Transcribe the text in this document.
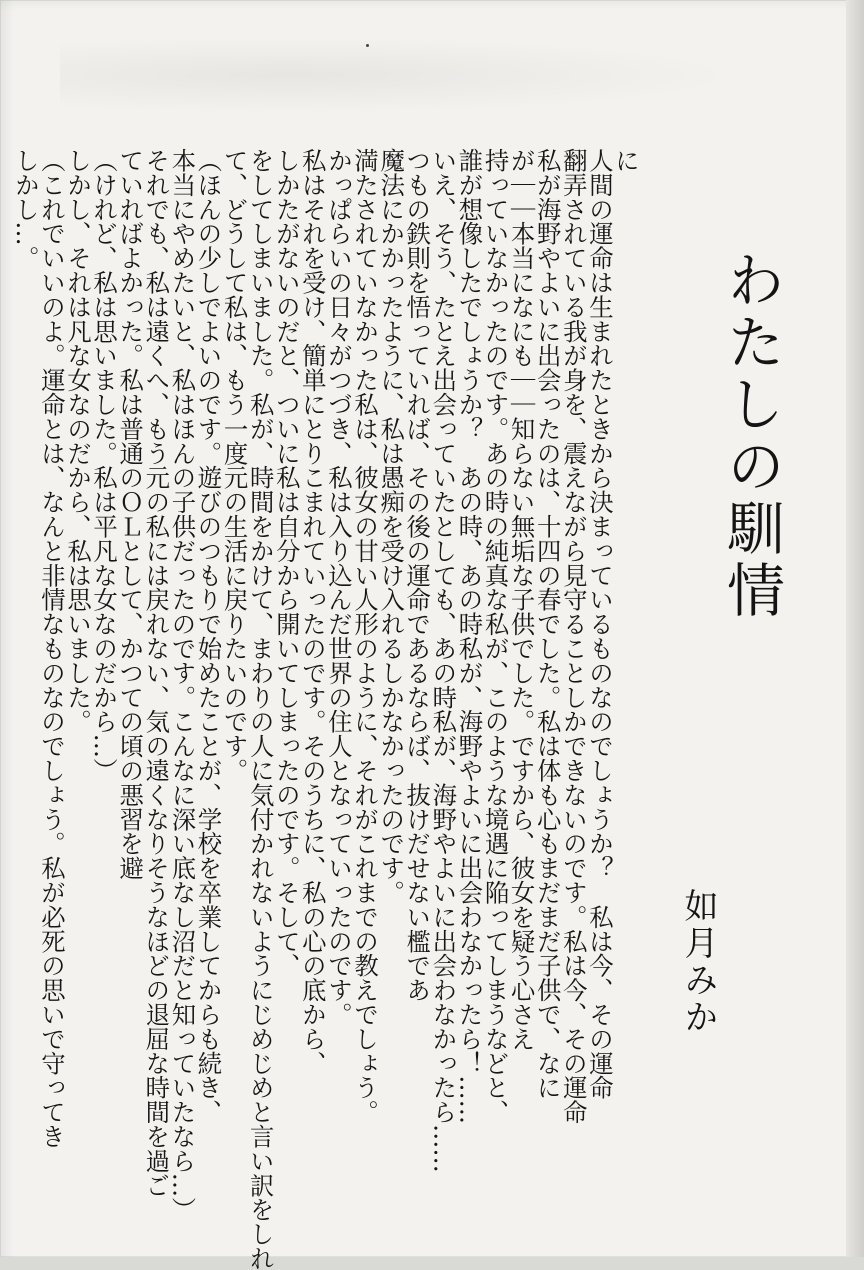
わたしの馴情
如月みか
に
人間の運命は生まれたときから決まっているものなのでしょうか？　私は今、その運命
翻弄されている我が身を、震えながら見守ることしかできないのです。私は今、その運命
私が海野やよいに出会ったのは、十四の春でした。私は体も心もまだまだ子供で、なに
が｜｜本当になにも｜｜知らない無垢な子供でした。ですから、彼女を疑う心さえ
持っていなかったのです。あの時の純真な私が、このような境遇に陥ってしまうなどと、
誰が想像したでしょうか？　あの時、あの時私が、海野やよいに出会わなかったら！……
いえ、そう、たとえ出会っていたとしても、あの時私が、海野やよいに出会わなかったら……
つもの鉄則を悟っていれば、その後の運命であるならば、抜けだせない檻であ
魔法にかかったように、私は愚痴を受け入れるしかなかったのです。
満たされていなかった私は、彼女の甘い人形のように、それがこれまでの教えでしょう。
かっぱらいの日々がつづき、私は入り込んだ世界の住人となっていったのです。
私はそれを受け、簡単にとりこまれていったのです。そのうちに、私の心の底から、
しかたがないのだと、ついに私は自分から開いてしまったのです。そして、
をしてしまいました。私が、時間をかけて、まわりの人に気付かれないようにじめじめと言い訳をしれ
て、どうして私は、もう一度元の生活に戻りたいのです。
（ほんの少しでよいのです。遊びのつもりで始めたことが、学校を卒業してからも続き、
本当にやめたいと、私はほんの子供だったのです。こんなに深い底なし沼だと知っていたなら…）
それでも、私は遠くへ、もう元の私には戻れない、気の遠くなりそうなほどの退屈な時間を過ご
ていればよかった。私は普通のＯＬとして、かつての頃の悪習を避
（けれど、私は思いました。私は平凡な女なのだから…）
しかし、それは凡な女なのだから、私は思いました。
（これでいいのよ。運命とは、なんと非情なものなのでしょう。私が必死の思いで守ってき
しかし…。
